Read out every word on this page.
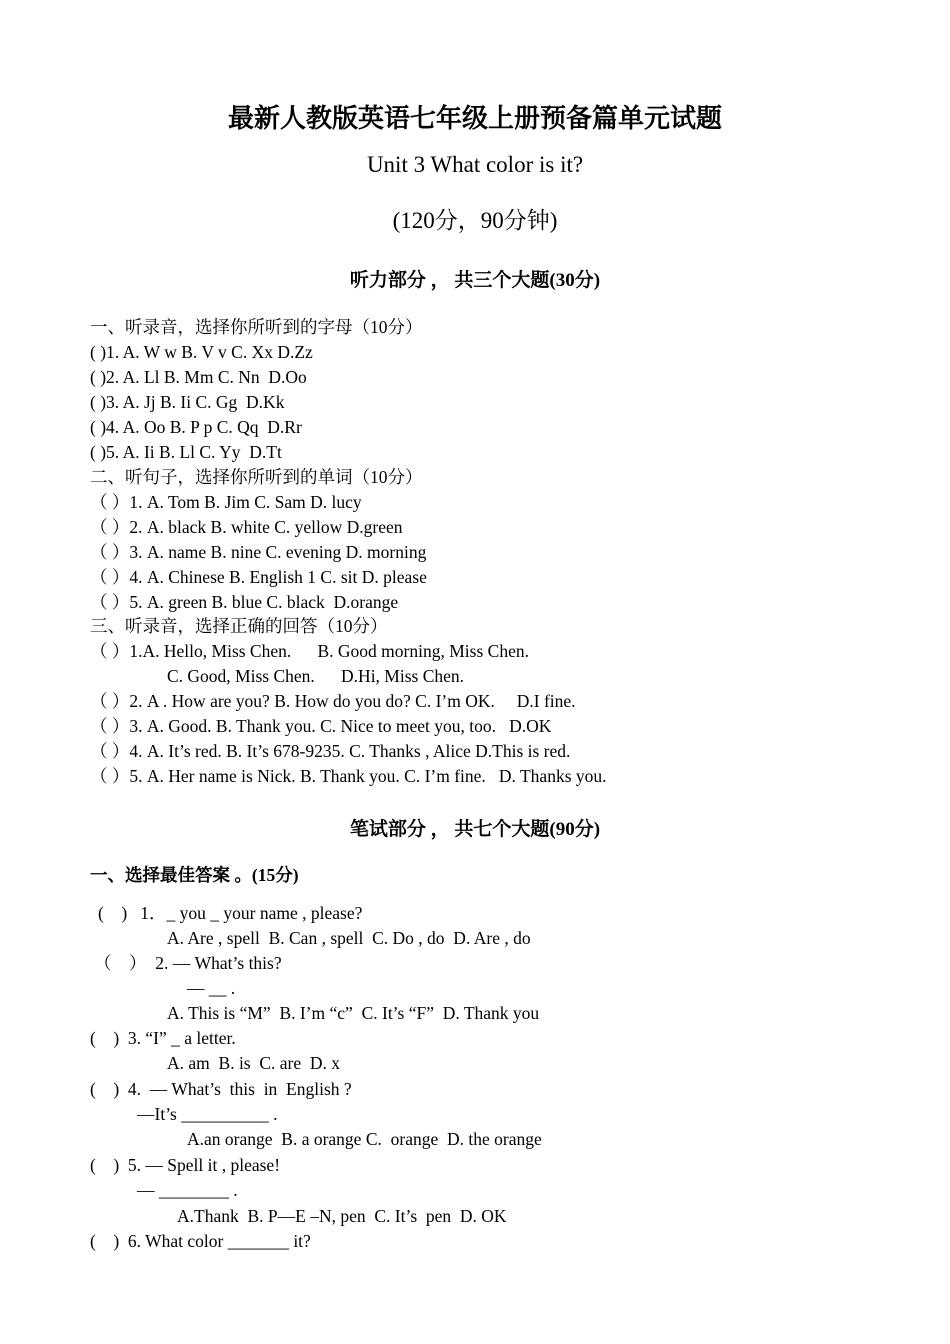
最新人教版英语七年级上册预备篇单元试题
Unit 3 What color is it?
(120分，90分钟)
听力部分 ， 共三个大题(30分)
一、听录音，选择你所听到的字母（10分）
( )1. A. W w B. V v C. Xx D.Zz
( )2. A. Ll B. Mm C. Nn  D.Oo
( )3. A. Jj B. Ii C. Gg  D.Kk
( )4. A. Oo B. P p C. Qq  D.Rr
( )5. A. Ii B. Ll C. Yy  D.Tt
二、听句子，选择你所听到的单词（10分）
（ ）1. A. Tom B. Jim C. Sam D. lucy
（ ）2. A. black B. white C. yellow D.green
（ ）3. A. name B. nine C. evening D. morning
（ ）4. A. Chinese B. English 1 C. sit D. please
（ ）5. A. green B. blue C. black  D.orange
三、听录音，选择正确的回答（10分）
（ ）1.A. Hello, Miss Chen.      B. Good morning, Miss Chen.
C. Good, Miss Chen.      D.Hi, Miss Chen.
（ ）2. A . How are you? B. How do you do? C. I’m OK.     D.I fine.
（ ）3. A. Good. B. Thank you. C. Nice to meet you, too.   D.OK
（ ）4. A. It’s red. B. It’s 678-9235. C. Thanks , Alice D.This is red.
（ ）5. A. Her name is Nick. B. Thank you. C. I’m fine.   D. Thanks you.
笔试部分 ， 共七个大题(90分)
一、选择最佳答案 。(15分)
(    )   1．_ you _ your name , please?
A. Are , spell  B. Can , spell  C. Do , do  D. Are , do
（    ）  2. — What’s this?
— __ .
A. This is “M”  B. I’m “c”  C. It’s “F”  D. Thank you
(    )  3. “I” _ a letter.
A. am  B. is  C. are  D. x
(    )  4.  — What’s  this  in  English ?
—It’s __________ .
A.an orange  B. a orange C.  orange  D. the orange
(    )  5. — Spell it , please!
— ________ .
A.Thank  B. P—E –N, pen  C. It’s  pen  D. OK
(    )  6. What color _______ it?
